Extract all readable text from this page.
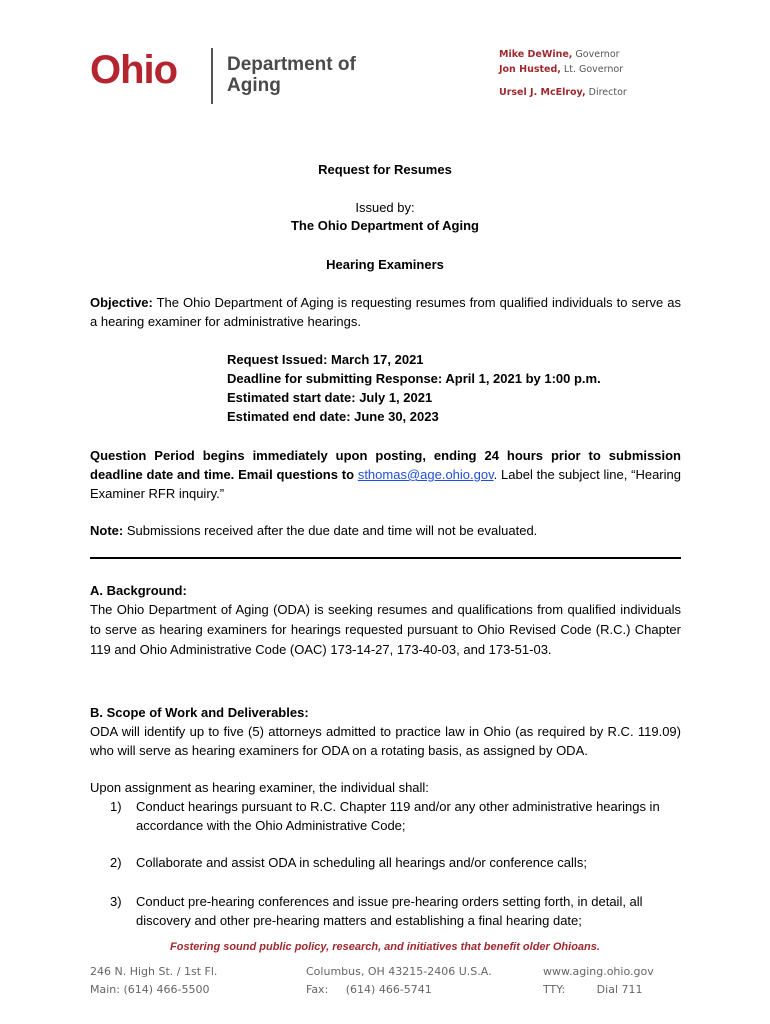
Ohio	Department of
Aging
Mike DeWine, Governor
Jon Husted, Lt. Governor
Ursel J. McElroy, Director
Request for Resumes
Issued by:
The Ohio Department of Aging
Hearing Examiners
Objective: The Ohio Department of Aging is requesting resumes from qualified individuals to serve as a hearing examiner for administrative hearings.
Request Issued: March 17, 2021
Deadline for submitting Response: April 1, 2021 by 1:00 p.m.
Estimated start date: July 1, 2021
Estimated end date: June 30, 2023
Question Period begins immediately upon posting, ending 24 hours prior to submission deadline date and time. Email questions to sthomas@age.ohio.gov. Label the subject line, “Hearing Examiner RFR inquiry.”
Note: Submissions received after the due date and time will not be evaluated.
A. Background:
The Ohio Department of Aging (ODA) is seeking resumes and qualifications from qualified individuals to serve as hearing examiners for hearings requested pursuant to Ohio Revised Code (R.C.) Chapter 119 and Ohio Administrative Code (OAC) 173-14-27, 173-40-03, and 173-51-03.
B. Scope of Work and Deliverables:
ODA will identify up to five (5) attorneys admitted to practice law in Ohio (as required by R.C. 119.09) who will serve as hearing examiners for ODA on a rotating basis, as assigned by ODA.
Upon assignment as hearing examiner, the individual shall:
1) Conduct hearings pursuant to R.C. Chapter 119 and/or any other administrative hearings in accordance with the Ohio Administrative Code;
2) Collaborate and assist ODA in scheduling all hearings and/or conference calls;
3) Conduct pre-hearing conferences and issue pre-hearing orders setting forth, in detail, all discovery and other pre-hearing matters and establishing a final hearing date;
Fostering sound public policy, research, and initiatives that benefit older Ohioans.
246 N. High St. / 1st Fl.
Main: (614) 466-5500
Columbus, OH 43215-2406 U.S.A.
Fax:     (614) 466-5741
www.aging.ohio.gov
TTY:         Dial 711
